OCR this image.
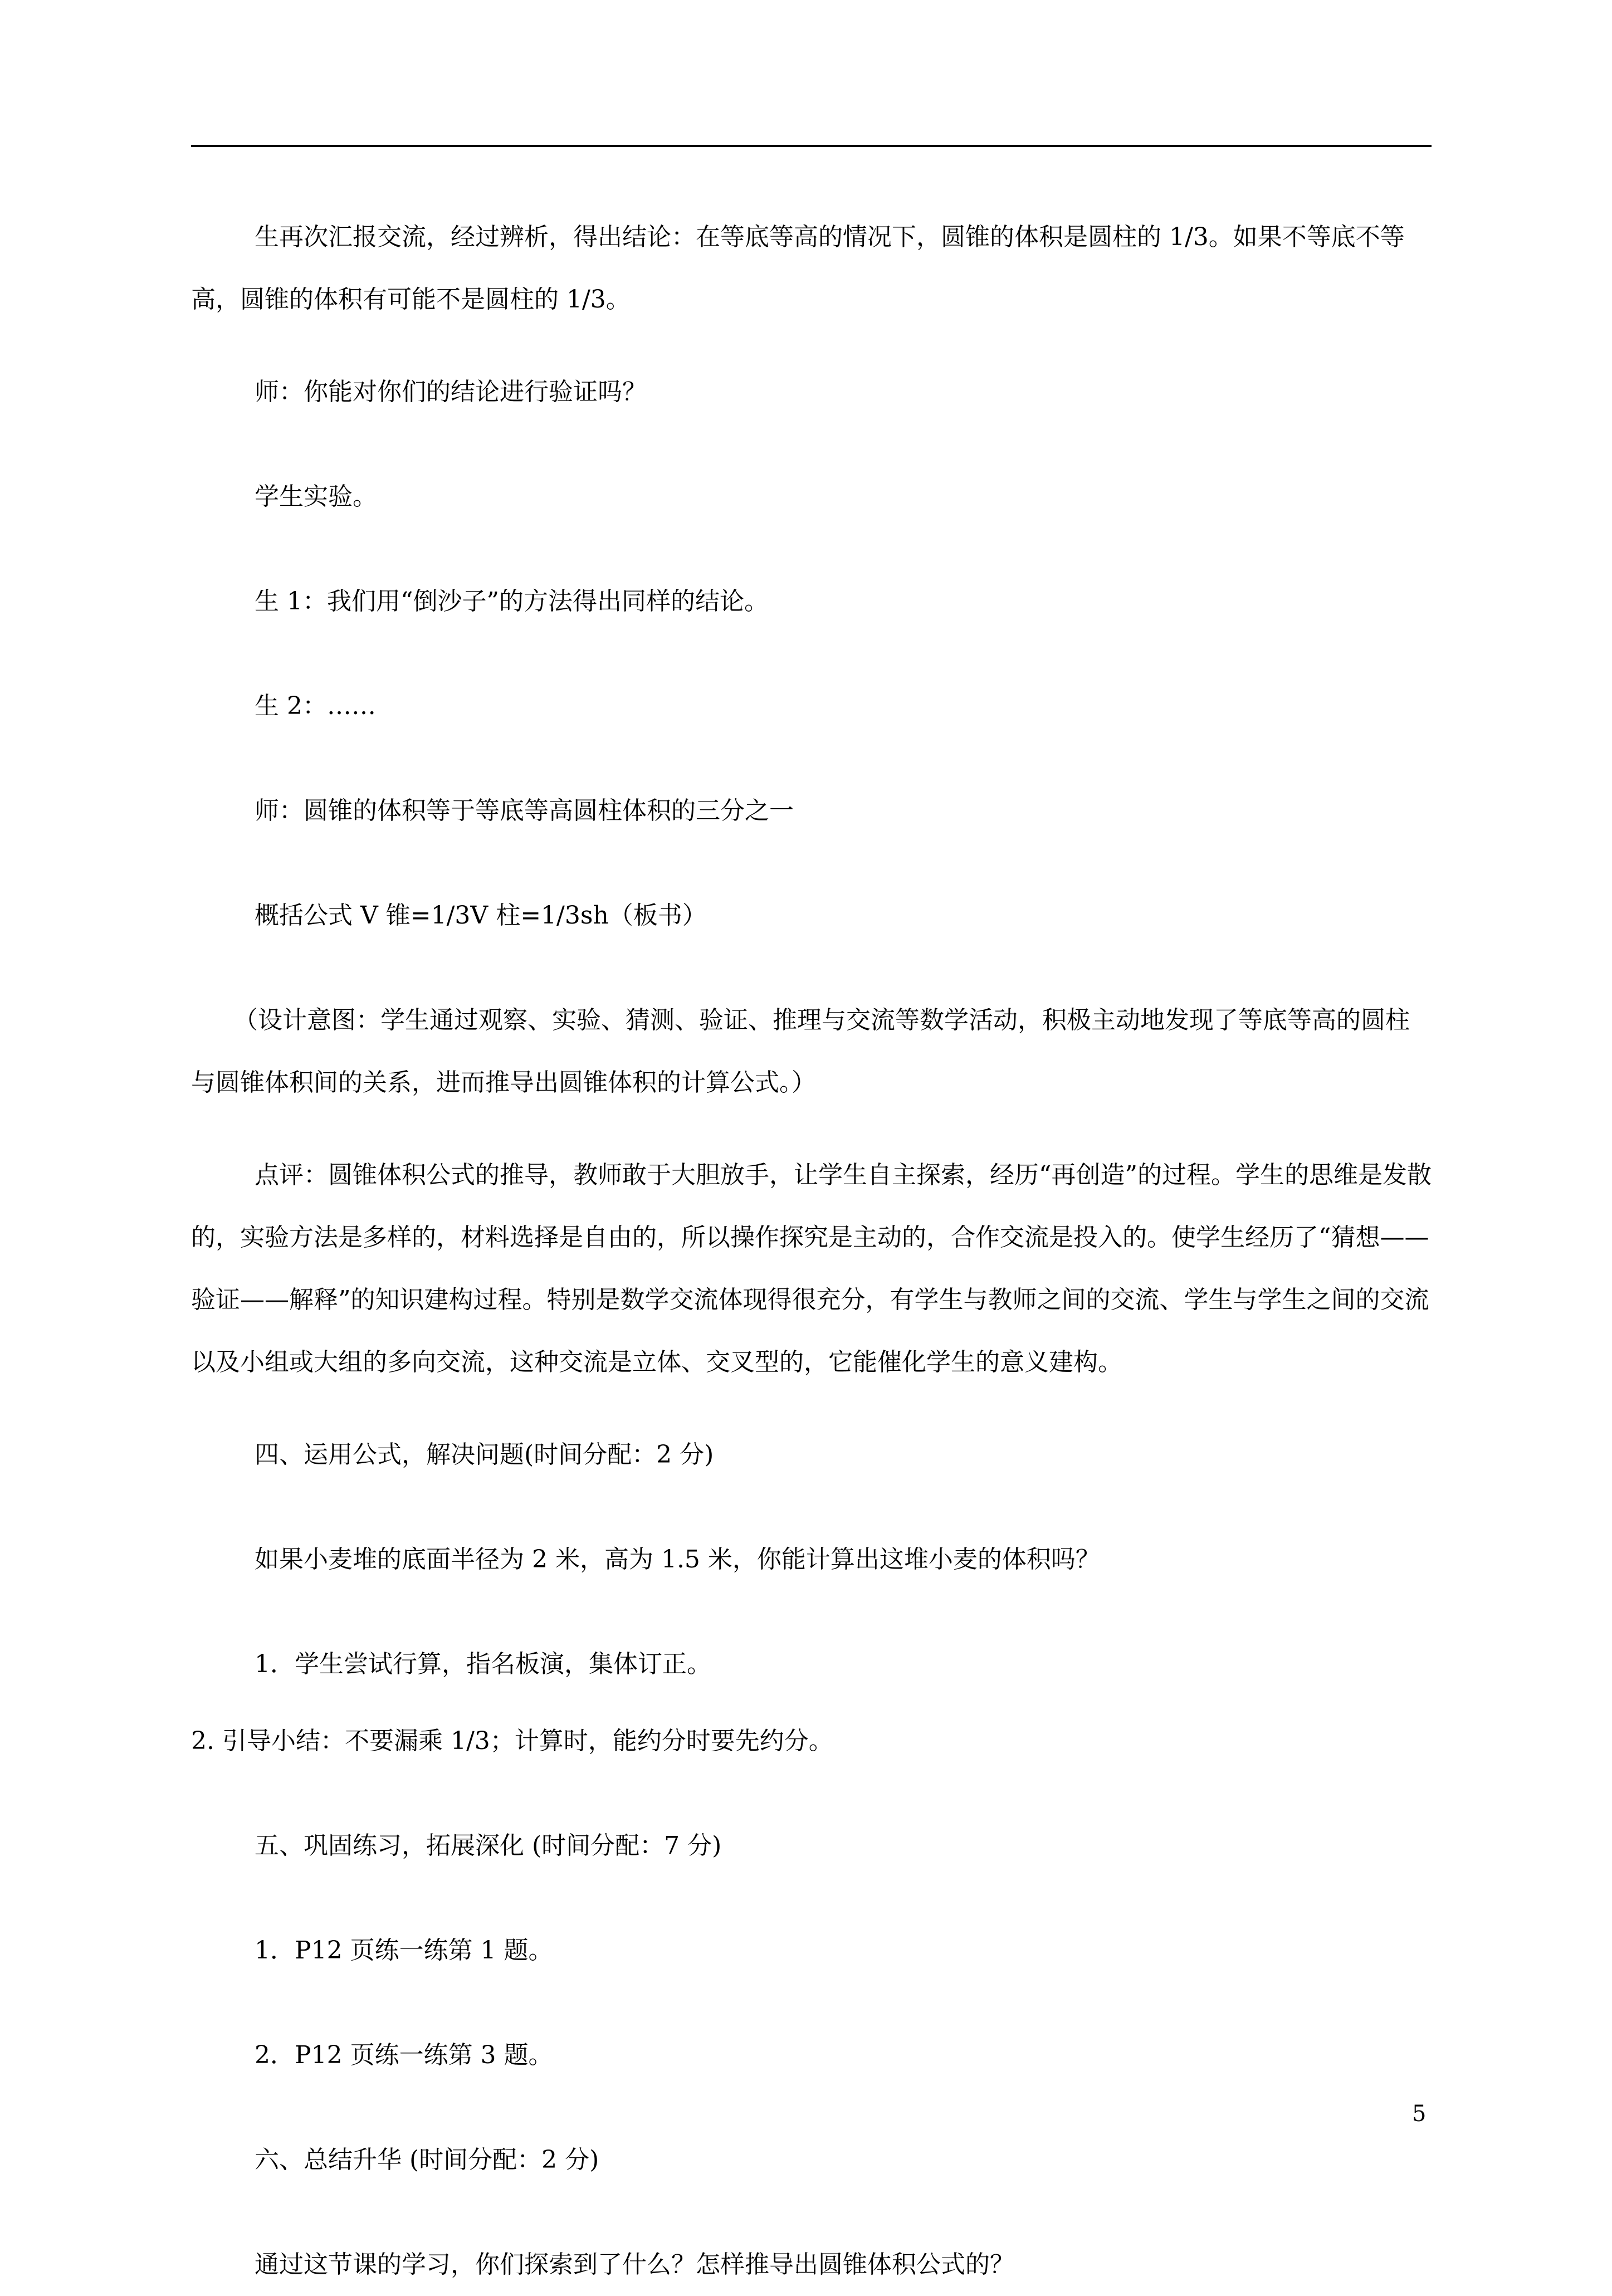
生再次汇报交流，经过辨析，得出结论：在等底等高的情况下，圆锥的体积是圆柱的 1/3。如果不等底不等高，圆锥的体积有可能不是圆柱的 1/3。

师：你能对你们的结论进行验证吗？

学生实验。

生 1：我们用“倒沙子”的方法得出同样的结论。

生 2：……

师：圆锥的体积等于等底等高圆柱体积的三分之一

概括公式 V 锥=1/3V 柱=1/3sh（板书）

（设计意图：学生通过观察、实验、猜测、验证、推理与交流等数学活动，积极主动地发现了等底等高的圆柱与圆锥体积间的关系，进而推导出圆锥体积的计算公式。）

点评：圆锥体积公式的推导，教师敢于大胆放手，让学生自主探索，经历“再创造”的过程。学生的思维是发散的，实验方法是多样的，材料选择是自由的，所以操作探究是主动的，合作交流是投入的。使学生经历了“猜想——验证——解释”的知识建构过程。特别是数学交流体现得很充分，有学生与教师之间的交流、学生与学生之间的交流以及小组或大组的多向交流，这种交流是立体、交叉型的，它能催化学生的意义建构。

四、运用公式，解决问题(时间分配：2 分)

如果小麦堆的底面半径为 2 米，高为 1.5 米，你能计算出这堆小麦的体积吗？

1．学生尝试行算，指名板演，集体订正。

2. 引导小结：不要漏乘 1/3；计算时，能约分时要先约分。

五、巩固练习，拓展深化 (时间分配：7 分)

1．P12 页练一练第 1 题。

2．P12 页练一练第 3 题。

六、总结升华 (时间分配：2 分)

通过这节课的学习，你们探索到了什么？怎样推导出圆锥体积公式的？

5
